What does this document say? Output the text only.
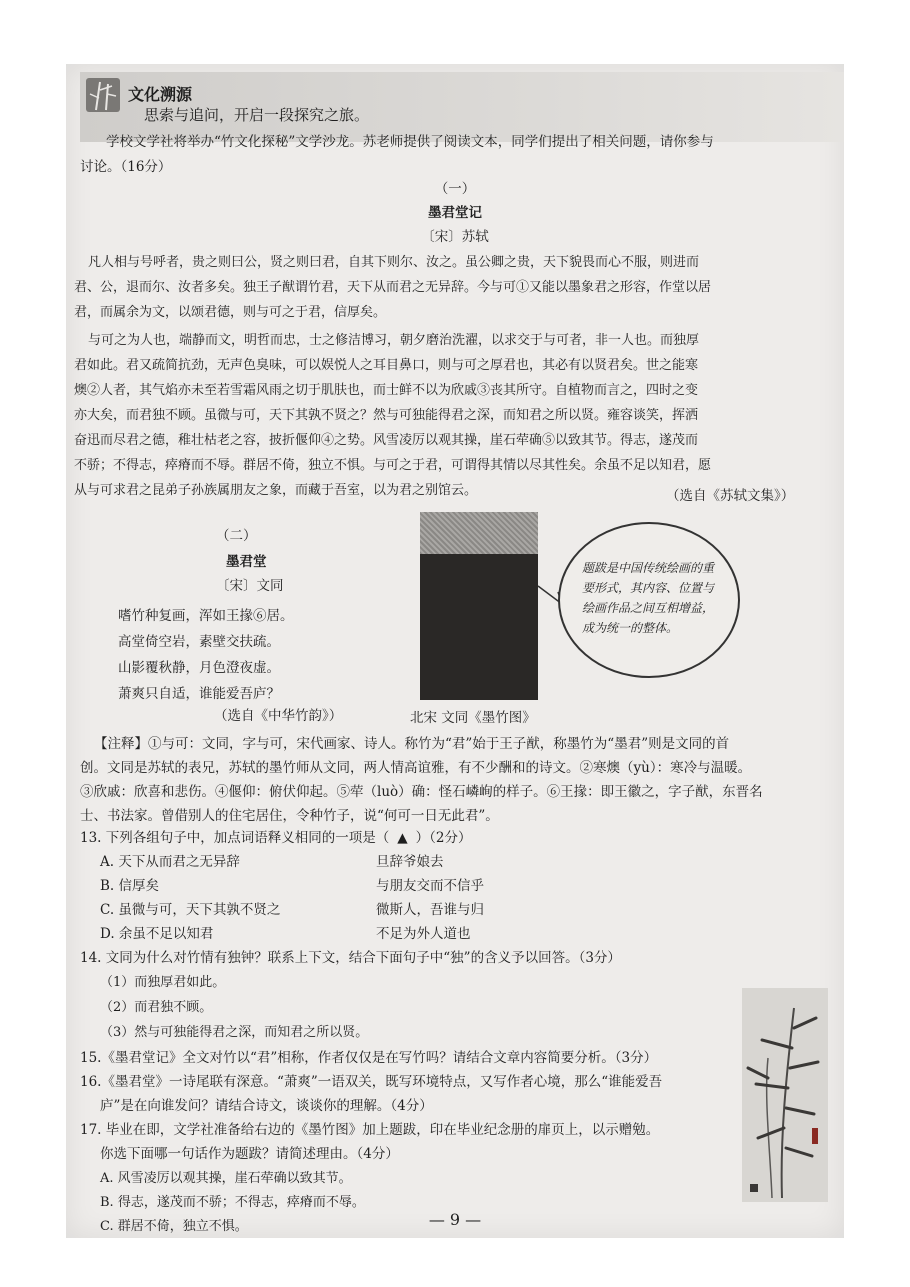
文化溯源
思索与追问，开启一段探究之旅。
学校文学社将举办“竹文化探秘”文学沙龙。苏老师提供了阅读文本，同学们提出了相关问题，请你参与
讨论。（16分）
（一）
墨君堂记
〔宋〕苏轼
凡人相与号呼者，贵之则曰公，贤之则曰君，自其下则尔、汝之。虽公卿之贵，天下貌畏而心不服，则进而
君、公，退而尔、汝者多矣。独王子猷谓竹君，天下从而君之无异辞。今与可①又能以墨象君之形容，作堂以居
君，而属余为文，以颂君德，则与可之于君，信厚矣。
与可之为人也，端静而文，明哲而忠，士之修洁博习，朝夕磨治洗濯，以求交于与可者，非一人也。而独厚
君如此。君又疏简抗劲，无声色臭味，可以娱悦人之耳目鼻口，则与可之厚君也，其必有以贤君矣。世之能寒
燠②人者，其气焰亦未至若雪霜风雨之切于肌肤也，而士鲜不以为欣戚③丧其所守。自植物而言之，四时之变
亦大矣，而君独不顾。虽微与可，天下其孰不贤之？然与可独能得君之深，而知君之所以贤。雍容谈笑，挥洒
奋迅而尽君之德，稚壮枯老之容，披折偃仰④之势。风雪凌厉以观其操，崖石荦确⑤以致其节。得志，遂茂而
不骄；不得志，瘁瘠而不辱。群居不倚，独立不惧。与可之于君，可谓得其情以尽其性矣。余虽不足以知君，愿
从与可求君之昆弟子孙族属朋友之象，而藏于吾室，以为君之别馆云。	（选自《苏轼文集》）
（二）
墨君堂
〔宋〕文同
嗜竹种复画，浑如王掾⑥居。
高堂倚空岩，素壁交扶疏。
山影覆秋静，月色澄夜虚。
萧爽只自适，谁能爱吾庐？
（选自《中华竹韵》）
题跋是中国传统绘画的重要形式，其内容、位置与绘画作品之间互相增益，成为统一的整体。
北宋 文同《墨竹图》
【注释】①与可：文同，字与可，宋代画家、诗人。称竹为“君”始于王子猷，称墨竹为“墨君”则是文同的首
创。文同是苏轼的表兄，苏轼的墨竹师从文同，两人情高谊雅，有不少酬和的诗文。②寒燠（yù）：寒冷与温暖。
③欣戚：欣喜和悲伤。④偃仰：俯伏仰起。⑤荦（luò）确：怪石嶙峋的样子。⑥王掾：即王徽之，字子猷，东晋名
士、书法家。曾借别人的住宅居住，令种竹子，说“何可一日无此君”。
13. 下列各组句子中，加点词语释义相同的一项是（ ▲ ）（2分）
A. 天下从而君之无异辞	旦辞爷娘去
B. 信厚矣	与朋友交而不信乎
C. 虽微与可，天下其孰不贤之	微斯人，吾谁与归
D. 余虽不足以知君	不足为外人道也
14. 文同为什么对竹情有独钟？联系上下文，结合下面句子中“独”的含义予以回答。（3分）
（1）而独厚君如此。
（2）而君独不顾。
（3）然与可独能得君之深，而知君之所以贤。
15.《墨君堂记》全文对竹以“君”相称，作者仅仅是在写竹吗？请结合文章内容简要分析。（3分）
16.《墨君堂》一诗尾联有深意。“萧爽”一语双关，既写环境特点，又写作者心境，那么“谁能爱吾
庐”是在向谁发问？请结合诗文，谈谈你的理解。（4分）
17. 毕业在即，文学社准备给右边的《墨竹图》加上题跋，印在毕业纪念册的扉页上，以示赠勉。
你选下面哪一句话作为题跋？请简述理由。（4分）
A. 风雪凌厉以观其操，崖石荦确以致其节。
B. 得志，遂茂而不骄；不得志，瘁瘠而不辱。
C. 群居不倚，独立不惧。	— 9 —
